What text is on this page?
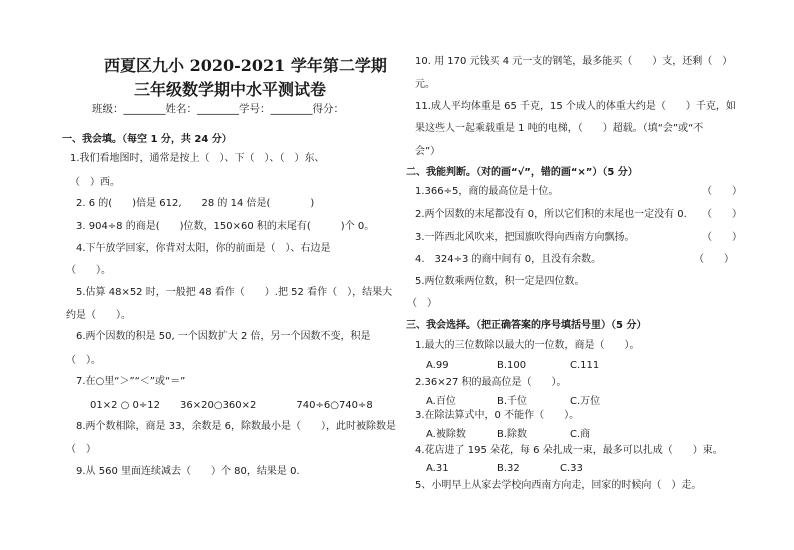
西夏区九小 2020-2021 学年第二学期
三年级数学期中水平测试卷
班级：________姓名：________学号：________得分：
一、我会填。（每空 1 分，共 24 分）
1.我们看地图时，通常是按上（　）、下（　）、（　）东、
（　）西。
2. 6 的(　　)倍是 612,　　28 的 14 倍是(　　　　)
3. 904÷8 的商是(　　)位数，150×60 积的末尾有(　　　)个 0。
4.下午放学回家，你背对太阳，你的前面是（　）、右边是
（　　）。
5.估算 48×52 时，一般把 48 看作（　　）.把 52 看作（　），结果大
约是（　　）。
6.两个因数的积是 50, 一个因数扩大 2 倍，另一个因数不变，积是
（　）。
7.在○里“＞”“＜”或“＝”
01×2 ○ 0÷12　　36×20○360×2　　　　740÷6○740÷8
8.两个数相除，商是 33，余数是 6，除数最小是（　　），此时被除数是
（　）
9.从 560 里面连续减去（　　）个 80，结果是 0.
10. 用 170 元钱买 4 元一支的钢笔，最多能买（　　）支，还剩（　）
元。
11.成人平均体重是 65 千克，15 个成人的体重大约是（　　）千克，如
果这些人一起乘载重是 1 吨的电梯，（　　）超载。（填“会”或“不
会”）
二、我能判断。（对的画“√”，错的画“×”）（5 分）
1.366÷5，商的最高位是十位。	（　　）
2.两个因数的末尾都没有 0，所以它们积的末尾也一定没有 0. （　　）
3.一阵西北风吹来，把国旗吹得向西南方向飘扬。	（　　）
4.　324÷3 的商中间有 0，且没有余数。	（　　）
5.两位数乘两位数，积一定是四位数。
（　）
三、我会选择。（把正确答案的序号填括号里）（5 分）
1.最大的三位数除以最大的一位数，商是（　　）。
A.99	B.100	C.111
2.36×27 积的最高位是（　　）。
A.百位	B.千位	C.万位
3.在除法算式中，0 不能作（　　）。
A.被除数	B.除数	C.商
4.花店进了 195 朵花，每 6 朵扎成一束，最多可以扎成（　　）束。
A.31	B.32	C.33
5、小明早上从家去学校向西南方向走，回家的时候向（　）走。
